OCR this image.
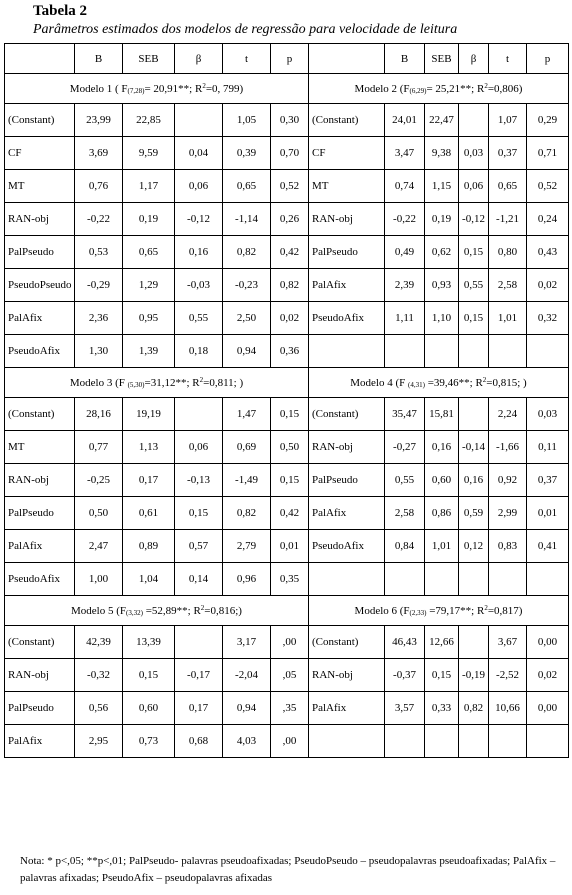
Tabela 2
Parâmetros estimados dos modelos de regressão para velocidade de leitura
	B	SEB	β	t	p		B	SEB	β	t	p
Modelo 1 ( F(7,28)= 20,91**; $R^2=0$, 799)						Modelo 2 (F(6,29)= 25,21**; $R^2=0,806$)					
(Constant)	23,99	22,85		1,05	0,30	(Constant)	24,01	22,47		1,07	0,29
CF	3,69	9,59	0,04	0,39	0,70	CF	3,47	9,38	0,03	0,37	0,71
MT	0,76	1,17	0,06	0,65	0,52	MT	0,74	1,15	0,06	0,65	0,52
RAN-obj	-0,22	0,19	-0,12	-1,14	0,26	RAN-obj	-0,22	0,19	-0,12	-1,21	0,24
PalPseudo	0,53	0,65	0,16	0,82	0,42	PalPseudo	0,49	0,62	0,15	0,80	0,43
PseudoPseudo	-0,29	1,29	-0,03	-0,23	0,82	PalAfix	2,39	0,93	0,55	2,58	0,02
PalAfix	2,36	0,95	0,55	2,50	0,02	PseudoAfix	1,11	1,10	0,15	1,01	0,32
PseudoAfix	1,30	1,39	0,18	0,94	0,36						
Modelo 3 (F (5,30)=31,12**; $R^2=0,811$; )						Modelo 4 (F (4,31) =39,46**; $R^2=0,815$; )					
(Constant)	28,16	19,19		1,47	0,15	(Constant)	35,47	15,81		2,24	0,03
MT	0,77	1,13	0,06	0,69	0,50	RAN-obj	-0,27	0,16	-0,14	-1,66	0,11
RAN-obj	-0,25	0,17	-0,13	-1,49	0,15	PalPseudo	0,55	0,60	0,16	0,92	0,37
PalPseudo	0,50	0,61	0,15	0,82	0,42	PalAfix	2,58	0,86	0,59	2,99	0,01
PalAfix	2,47	0,89	0,57	2,79	0,01	PseudoAfix	0,84	1,01	0,12	0,83	0,41
PseudoAfix	1,00	1,04	0,14	0,96	0,35						
Modelo 5 (F(3,32) =52,89**; $R^2=0,816$;)						Modelo 6 (F(2,33) =79,17**; $R^2=0,817$)					
(Constant)	42,39	13,39		3,17	,00	(Constant)	46,43	12,66		3,67	0,00
RAN-obj	-0,32	0,15	-0,17	-2,04	,05	RAN-obj	-0,37	0,15	-0,19	-2,52	0,02
PalPseudo	0,56	0,60	0,17	0,94	,35	PalAfix	3,57	0,33	0,82	10,66	0,00
PalAfix	2,95	0,73	0,68	4,03	,00						
Nota: * p<,05; **p<,01; PalPseudo- palavras pseudoafixadas; PseudoPseudo – pseudopalavras pseudoafixadas; PalAfix – palavras afixadas; PseudoAfix – pseudopalavras afixadas
